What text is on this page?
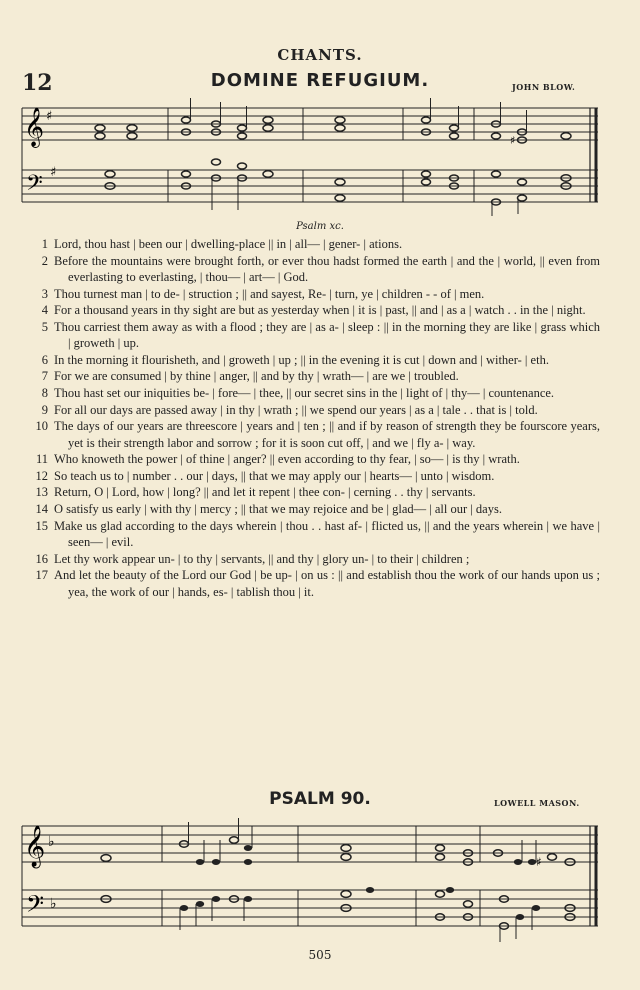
CHANTS.
12	DOMINE REFUGIUM.	JOHN BLOW.
𝄞
𝄢
♯
♯
♯
Psalm xc.
1 Lord, thou hast | been our | dwelling-place || in | all— | gener- | ations.
2 Before the mountains were brought forth, or ever thou hadst formed the earth | and the | world, || even from everlasting to everlasting, | thou— | art— | God.
3 Thou turnest man | to de- | struction ; || and sayest, Re- | turn, ye | children - - of | men.
4 For a thousand years in thy sight are but as yesterday when | it is | past, || and | as a | watch . . in the | night.
5 Thou carriest them away as with a flood ; they are | as a- | sleep : || in the morning they are like | grass which | groweth | up.
6 In the morning it flourisheth, and | groweth | up ; || in the evening it is cut | down and | wither- | eth.
7 For we are consumed | by thine | anger, || and by thy | wrath— | are we | troubled.
8 Thou hast set our iniquities be- | fore— | thee, || our secret sins in the | light of | thy— | countenance.
9 For all our days are passed away | in thy | wrath ; || we spend our years | as a | tale . . that is | told.
10 The days of our years are threescore | years and | ten ; || and if by reason of strength they be fourscore years, yet is their strength labor and sorrow ; for it is soon cut off, | and we | fly a- | way.
11 Who knoweth the power | of thine | anger? || even according to thy fear, | so— | is thy | wrath.
12 So teach us to | number . . our | days, || that we may apply our | hearts— | unto | wisdom.
13 Return, O | Lord, how | long? || and let it repent | thee con- | cerning . . thy | servants.
14 O satisfy us early | with thy | mercy ; || that we may rejoice and be | glad— | all our | days.
15 Make us glad according to the days wherein | thou . . hast af- | flicted us, || and the years wherein | we have | seen— | evil.
16 Let thy work appear un- | to thy | servants, || and thy | glory un- | to their | children ;
17 And let the beauty of the Lord our God | be up- | on us : || and establish thou the work of our hands upon us ; yea, the work of our | hands, es- | tablish thou | it.
PSALM 90.	LOWELL MASON.
𝄞
𝄢
♭
♭
♯
505
